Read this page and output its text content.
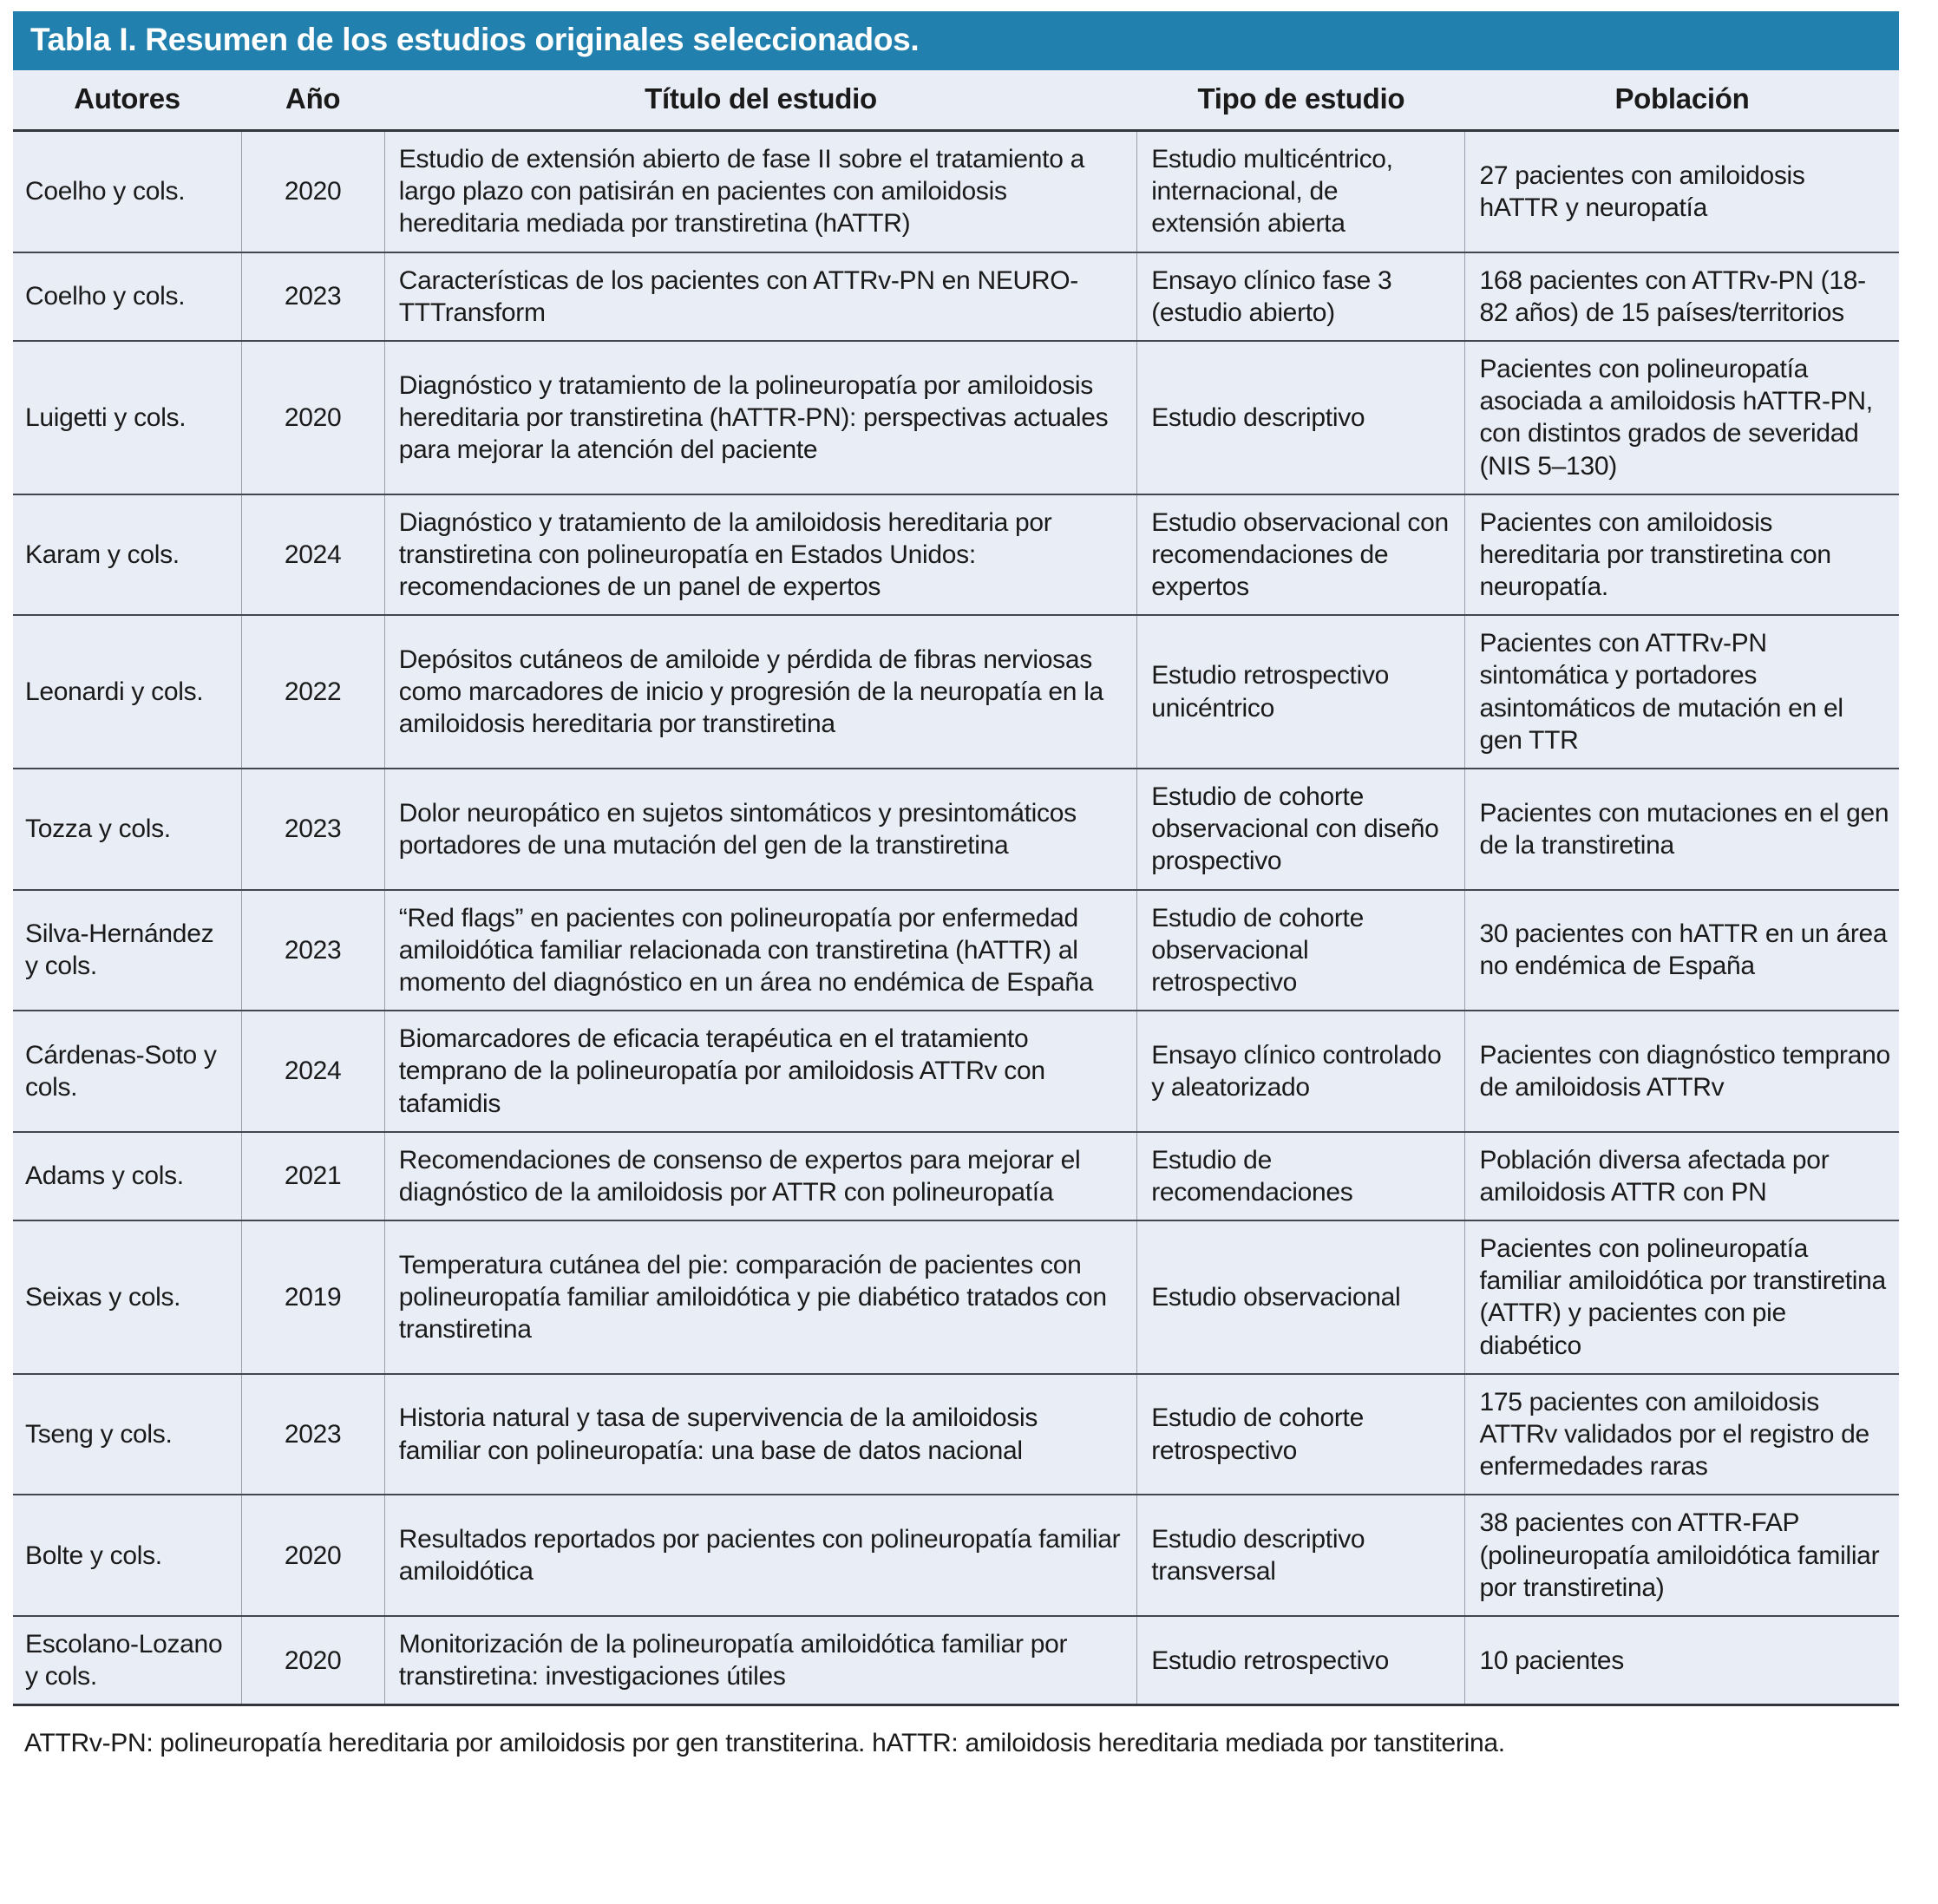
Tabla I. Resumen de los estudios originales seleccionados.
Autores	Año	Título del estudio	Tipo de estudio	Población
Coelho y cols.	2020	Estudio de extensión abierto de fase II sobre el tratamiento a largo plazo con patisirán en pacientes con amiloidosis hereditaria mediada por transtiretina (hATTR)	Estudio multicéntrico, internacional, de extensión abierta	27 pacientes con amiloidosis hATTR y neuropatía
Coelho y cols.	2023	Características de los pacientes con ATTRv-PN en NEURO-TTTransform	Ensayo clínico fase 3 (estudio abierto)	168 pacientes con ATTRv-PN (18-82 años) de 15 países/territorios
Luigetti y cols.	2020	Diagnóstico y tratamiento de la polineuropatía por amiloidosis hereditaria por transtiretina (hATTR-PN): perspectivas actuales para mejorar la atención del paciente	Estudio descriptivo	Pacientes con polineuropatía asociada a amiloidosis hATTR-PN, con distintos grados de severidad (NIS 5–130)
Karam y cols.	2024	Diagnóstico y tratamiento de la amiloidosis hereditaria por transtiretina con polineuropatía en Estados Unidos: recomendaciones de un panel de expertos	Estudio observacional con recomendaciones de expertos	Pacientes con amiloidosis hereditaria por transtiretina con neuropatía.
Leonardi y cols.	2022	Depósitos cutáneos de amiloide y pérdida de fibras nerviosas como marcadores de inicio y progresión de la neuropatía en la amiloidosis hereditaria por transtiretina	Estudio retrospectivo unicéntrico	Pacientes con ATTRv-PN sintomática y portadores asintomáticos de mutación en el gen TTR
Tozza y cols.	2023	Dolor neuropático en sujetos sintomáticos y presintomáticos portadores de una mutación del gen de la transtiretina	Estudio de cohorte observacional con diseño prospectivo	Pacientes con mutaciones en el gen de la transtiretina
Silva-Hernández y cols.	2023	“Red flags” en pacientes con polineuropatía por enfermedad amiloidótica familiar relacionada con transtiretina (hATTR) al momento del diagnóstico en un área no endémica de España	Estudio de cohorte observacional retrospectivo	30 pacientes con hATTR en un área no endémica de España
Cárdenas-Soto y cols.	2024	Biomarcadores de eficacia terapéutica en el tratamiento temprano de la polineuropatía por amiloidosis ATTRv con tafamidis	Ensayo clínico controlado y aleatorizado	Pacientes con diagnóstico temprano de amiloidosis ATTRv
Adams y cols.	2021	Recomendaciones de consenso de expertos para mejorar el diagnóstico de la amiloidosis por ATTR con polineuropatía	Estudio de recomendaciones	Población diversa afectada por amiloidosis ATTR con PN
Seixas y cols.	2019	Temperatura cutánea del pie: comparación de pacientes con polineuropatía familiar amiloidótica y pie diabético tratados con transtiretina	Estudio observacional	Pacientes con polineuropatía familiar amiloidótica por transtiretina (ATTR) y pacientes con pie diabético
Tseng y cols.	2023	Historia natural y tasa de supervivencia de la amiloidosis familiar con polineuropatía: una base de datos nacional	Estudio de cohorte retrospectivo	175 pacientes con amiloidosis ATTRv validados por el registro de enfermedades raras
Bolte y cols.	2020	Resultados reportados por pacientes con polineuropatía familiar amiloidótica	Estudio descriptivo transversal	38 pacientes con ATTR-FAP (polineuropatía amiloidótica familiar por transtiretina)
Escolano-Lozano y cols.	2020	Monitorización de la polineuropatía amiloidótica familiar por transtiretina: investigaciones útiles	Estudio retrospectivo	10 pacientes

ATTRv-PN: polineuropatía hereditaria por amiloidosis por gen transtiterina. hATTR: amiloidosis hereditaria mediada por tanstiterina.
